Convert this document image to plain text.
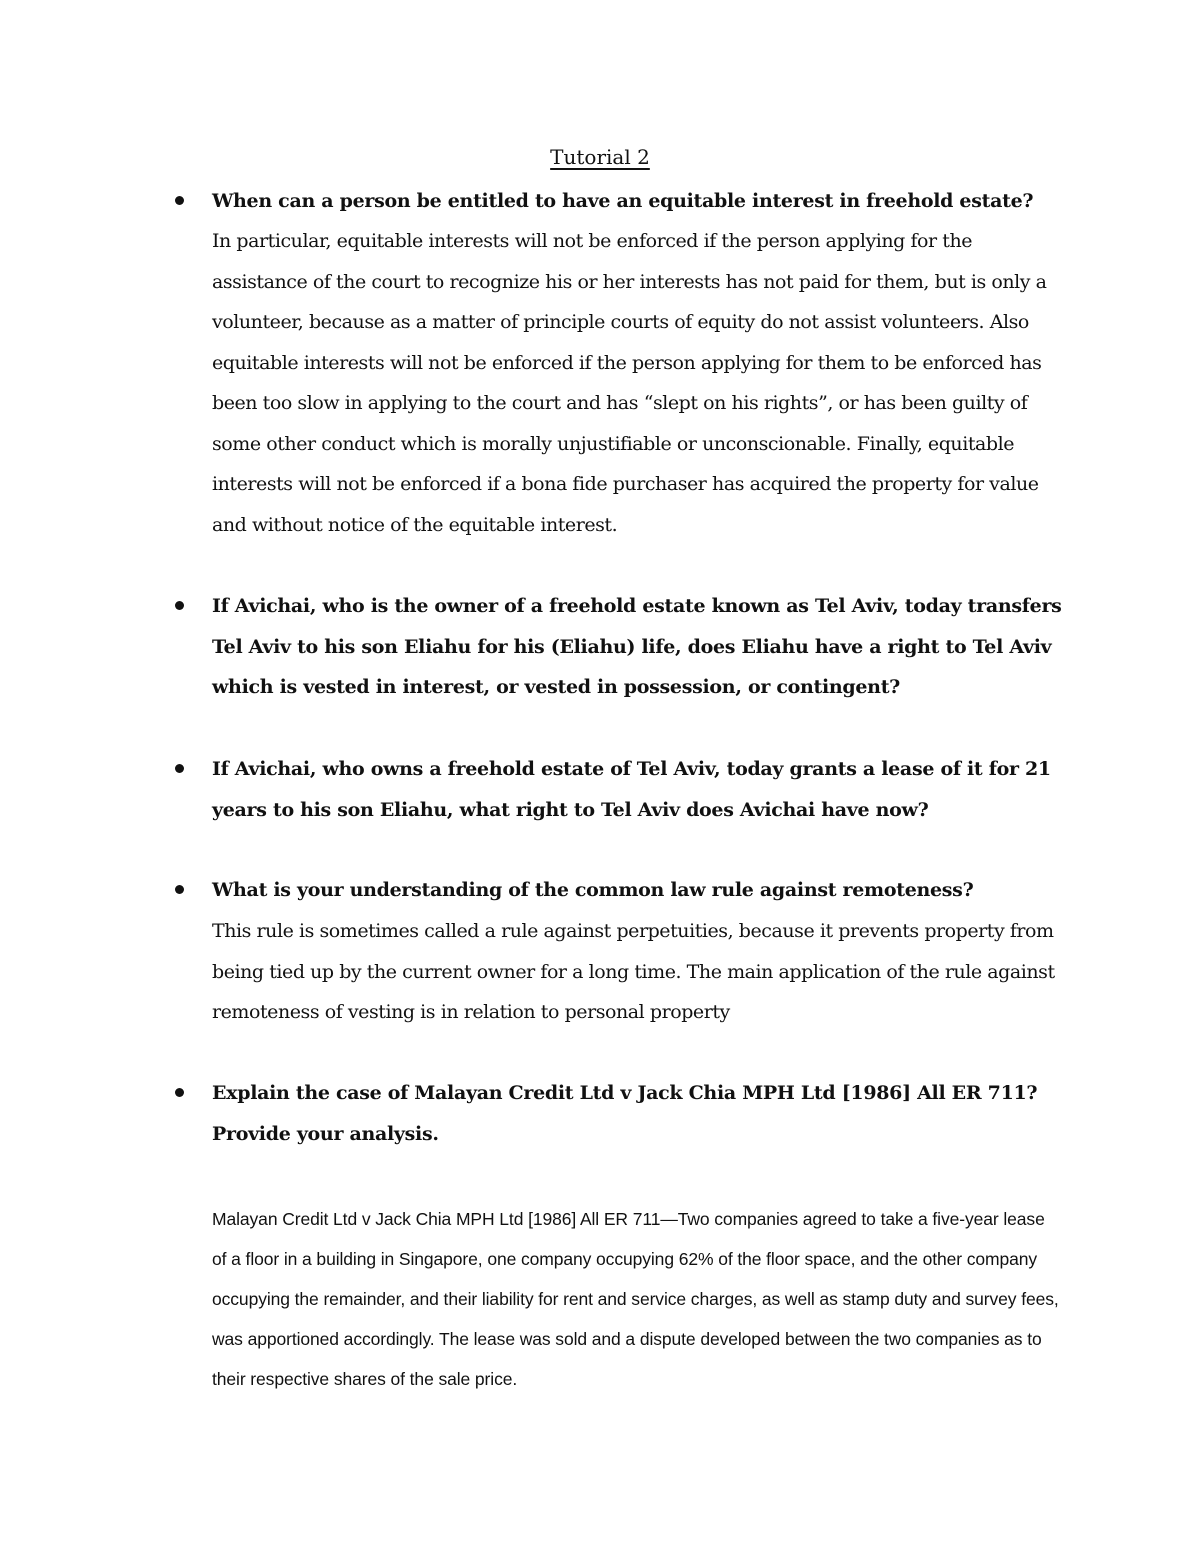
Tutorial 2

When can a person be entitled to have an equitable interest in freehold estate?

In particular, equitable interests will not be enforced if the person applying for the assistance of the court to recognize his or her interests has not paid for them, but is only a volunteer, because as a matter of principle courts of equity do not assist volunteers. Also equitable interests will not be enforced if the person applying for them to be enforced has been too slow in applying to the court and has “slept on his rights”, or has been guilty of some other conduct which is morally unjustifiable or unconscionable. Finally, equitable interests will not be enforced if a bona fide purchaser has acquired the property for value and without notice of the equitable interest.

If Avichai, who is the owner of a freehold estate known as Tel Aviv, today transfers Tel Aviv to his son Eliahu for his (Eliahu) life, does Eliahu have a right to Tel Aviv which is vested in interest, or vested in possession, or contingent?

If Avichai, who owns a freehold estate of Tel Aviv, today grants a lease of it for 21 years to his son Eliahu, what right to Tel Aviv does Avichai have now?

What is your understanding of the common law rule against remoteness?

This rule is sometimes called a rule against perpetuities, because it prevents property from being tied up by the current owner for a long time. The main application of the rule against remoteness of vesting is in relation to personal property

Explain the case of Malayan Credit Ltd v Jack Chia MPH Ltd [1986] All ER 711? Provide your analysis.

Malayan Credit Ltd v Jack Chia MPH Ltd [1986] All ER 711—Two companies agreed to take a five-year lease of a floor in a building in Singapore, one company occupying 62% of the floor space, and the other company occupying the remainder, and their liability for rent and service charges, as well as stamp duty and survey fees, was apportioned accordingly. The lease was sold and a dispute developed between the two companies as to their respective shares of the sale price.
